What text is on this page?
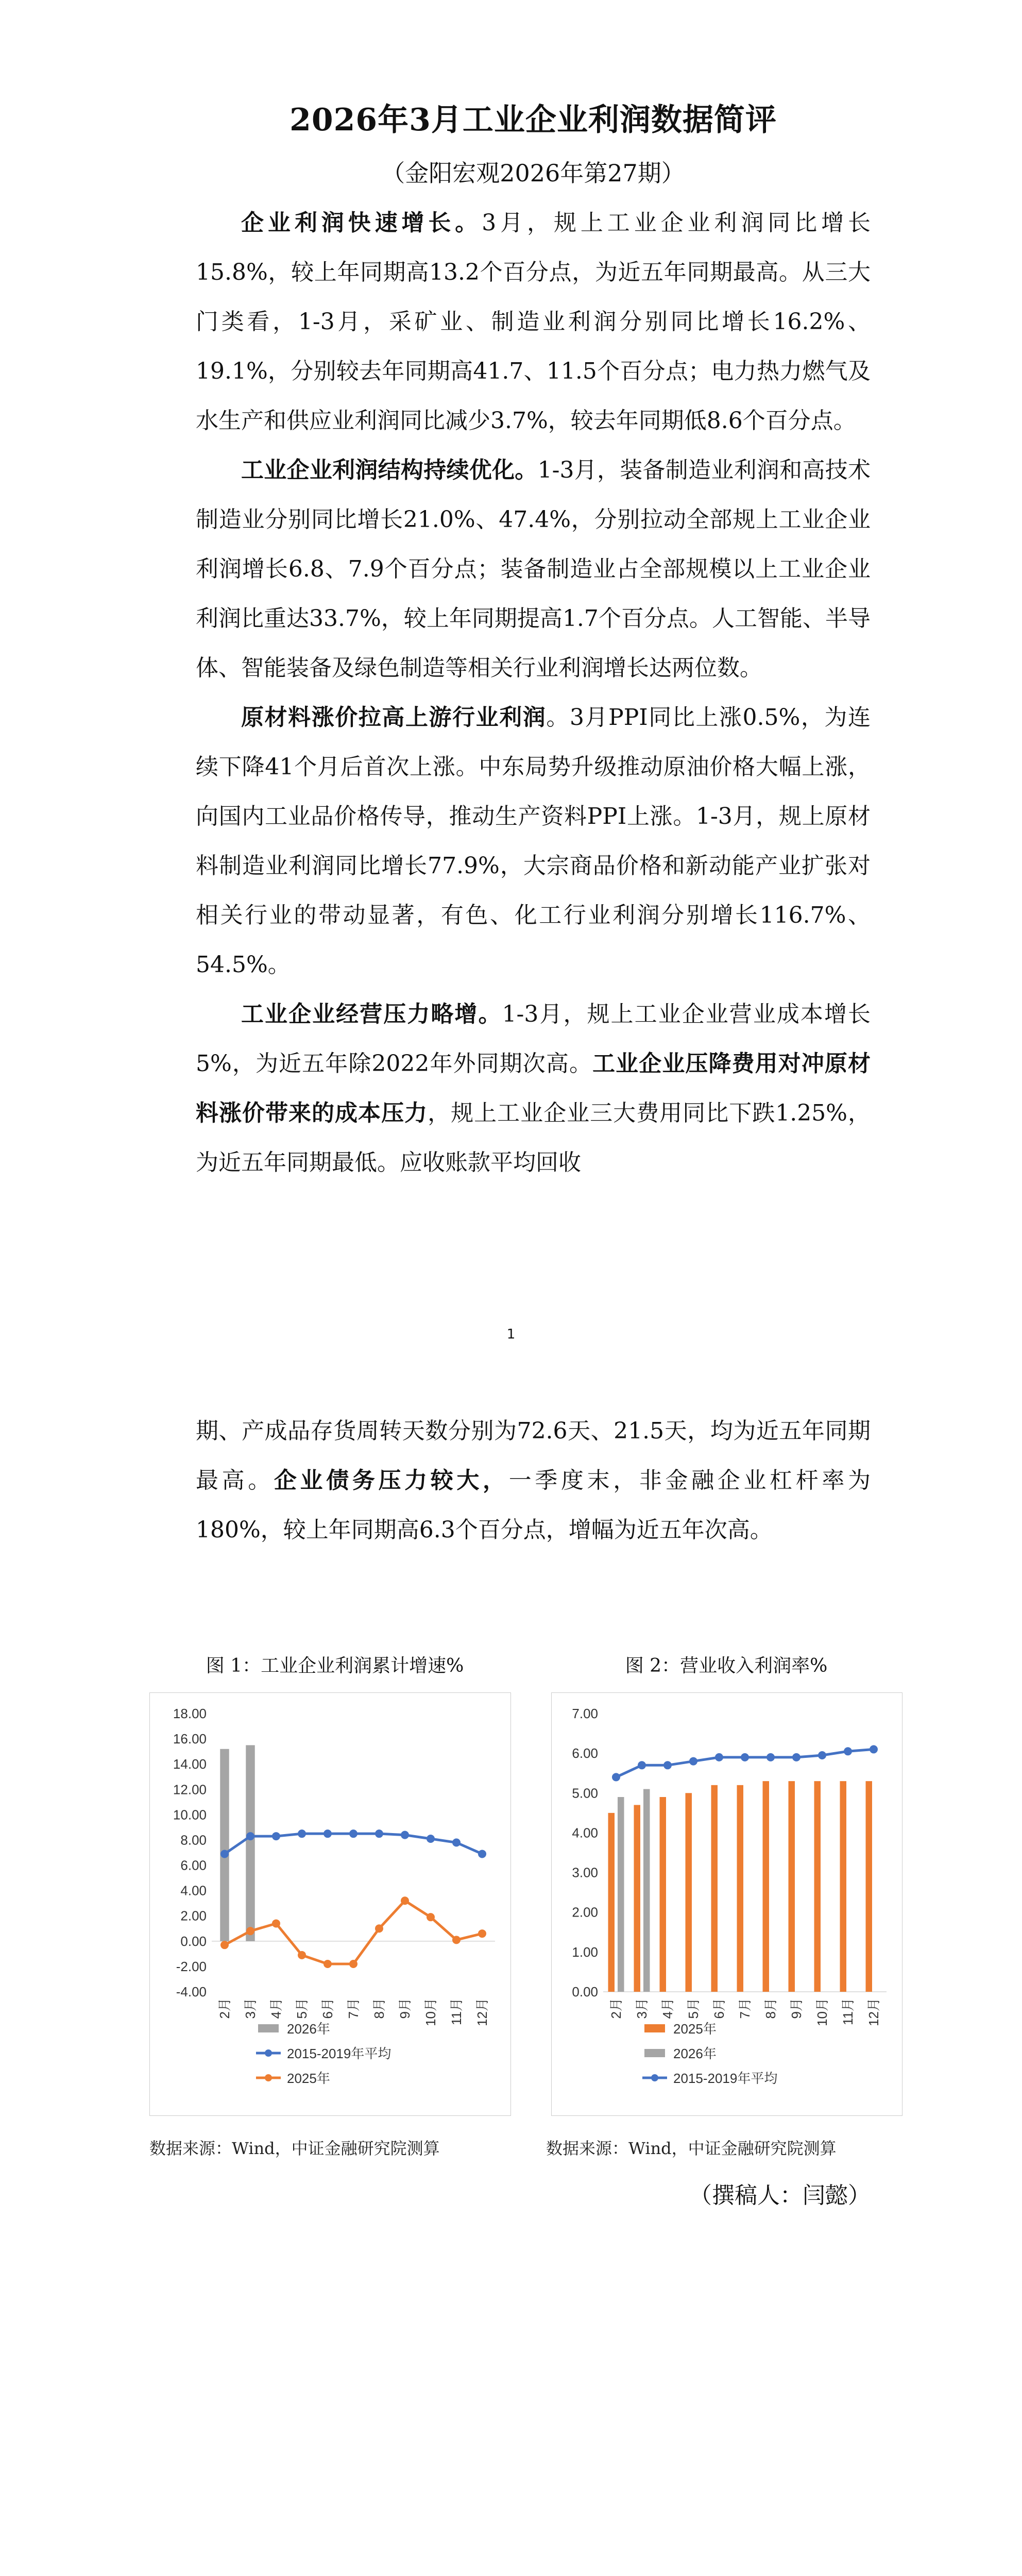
2026年3月工业企业利润数据简评
（金阳宏观2026年第27期）

企业利润快速增长。3月，规上工业企业利润同比增长15.8%，较上年同期高13.2个百分点，为近五年同期最高。从三大门类看，1-3月，采矿业、制造业利润分别同比增长16.2%、19.1%，分别较去年同期高41.7、11.5个百分点；电力热力燃气及水生产和供应业利润同比减少3.7%，较去年同期低8.6个百分点。

工业企业利润结构持续优化。1-3月，装备制造业利润和高技术制造业分别同比增长21.0%、47.4%，分别拉动全部规上工业企业利润增长6.8、7.9个百分点；装备制造业占全部规模以上工业企业利润比重达33.7%，较上年同期提高1.7个百分点。人工智能、半导体、智能装备及绿色制造等相关行业利润增长达两位数。

原材料涨价拉高上游行业利润。3月PPI同比上涨0.5%，为连续下降41个月后首次上涨。中东局势升级推动原油价格大幅上涨，向国内工业品价格传导，推动生产资料PPI上涨。1-3月，规上原材料制造业利润同比增长77.9%，大宗商品价格和新动能产业扩张对相关行业的带动显著，有色、化工行业利润分别增长116.7%、54.5%。

工业企业经营压力略增。1-3月，规上工业企业营业成本增长5%，为近五年除2022年外同期次高。工业企业压降费用对冲原材料涨价带来的成本压力，规上工业企业三大费用同比下跌1.25%，为近五年同期最低。应收账款平均回收

1

期、产成品存货周转天数分别为72.6天、21.5天，均为近五年同期最高。企业债务压力较大，一季度末，非金融企业杠杆率为180%，较上年同期高6.3个百分点，增幅为近五年次高。

图 1：工业企业利润累计增速%
18.00
16.00
14.00
12.00
10.00
8.00
6.00
4.00
2.00
0.00
-2.00
-4.00
2月 3月 4月 5月 6月 7月 8月 9月 10月 11月 12月
2026年
2015-2019年平均
2025年
数据来源：Wind，中证金融研究院测算
图 2：营业收入利润率%
7.00
6.00
5.00
4.00
3.00
2.00
1.00
0.00
2月 3月 4月 5月 6月 7月 8月 9月 10月 11月 12月
2025年
2026年
2015-2019年平均
数据来源：Wind，中证金融研究院测算
（撰稿人：闫懿）
